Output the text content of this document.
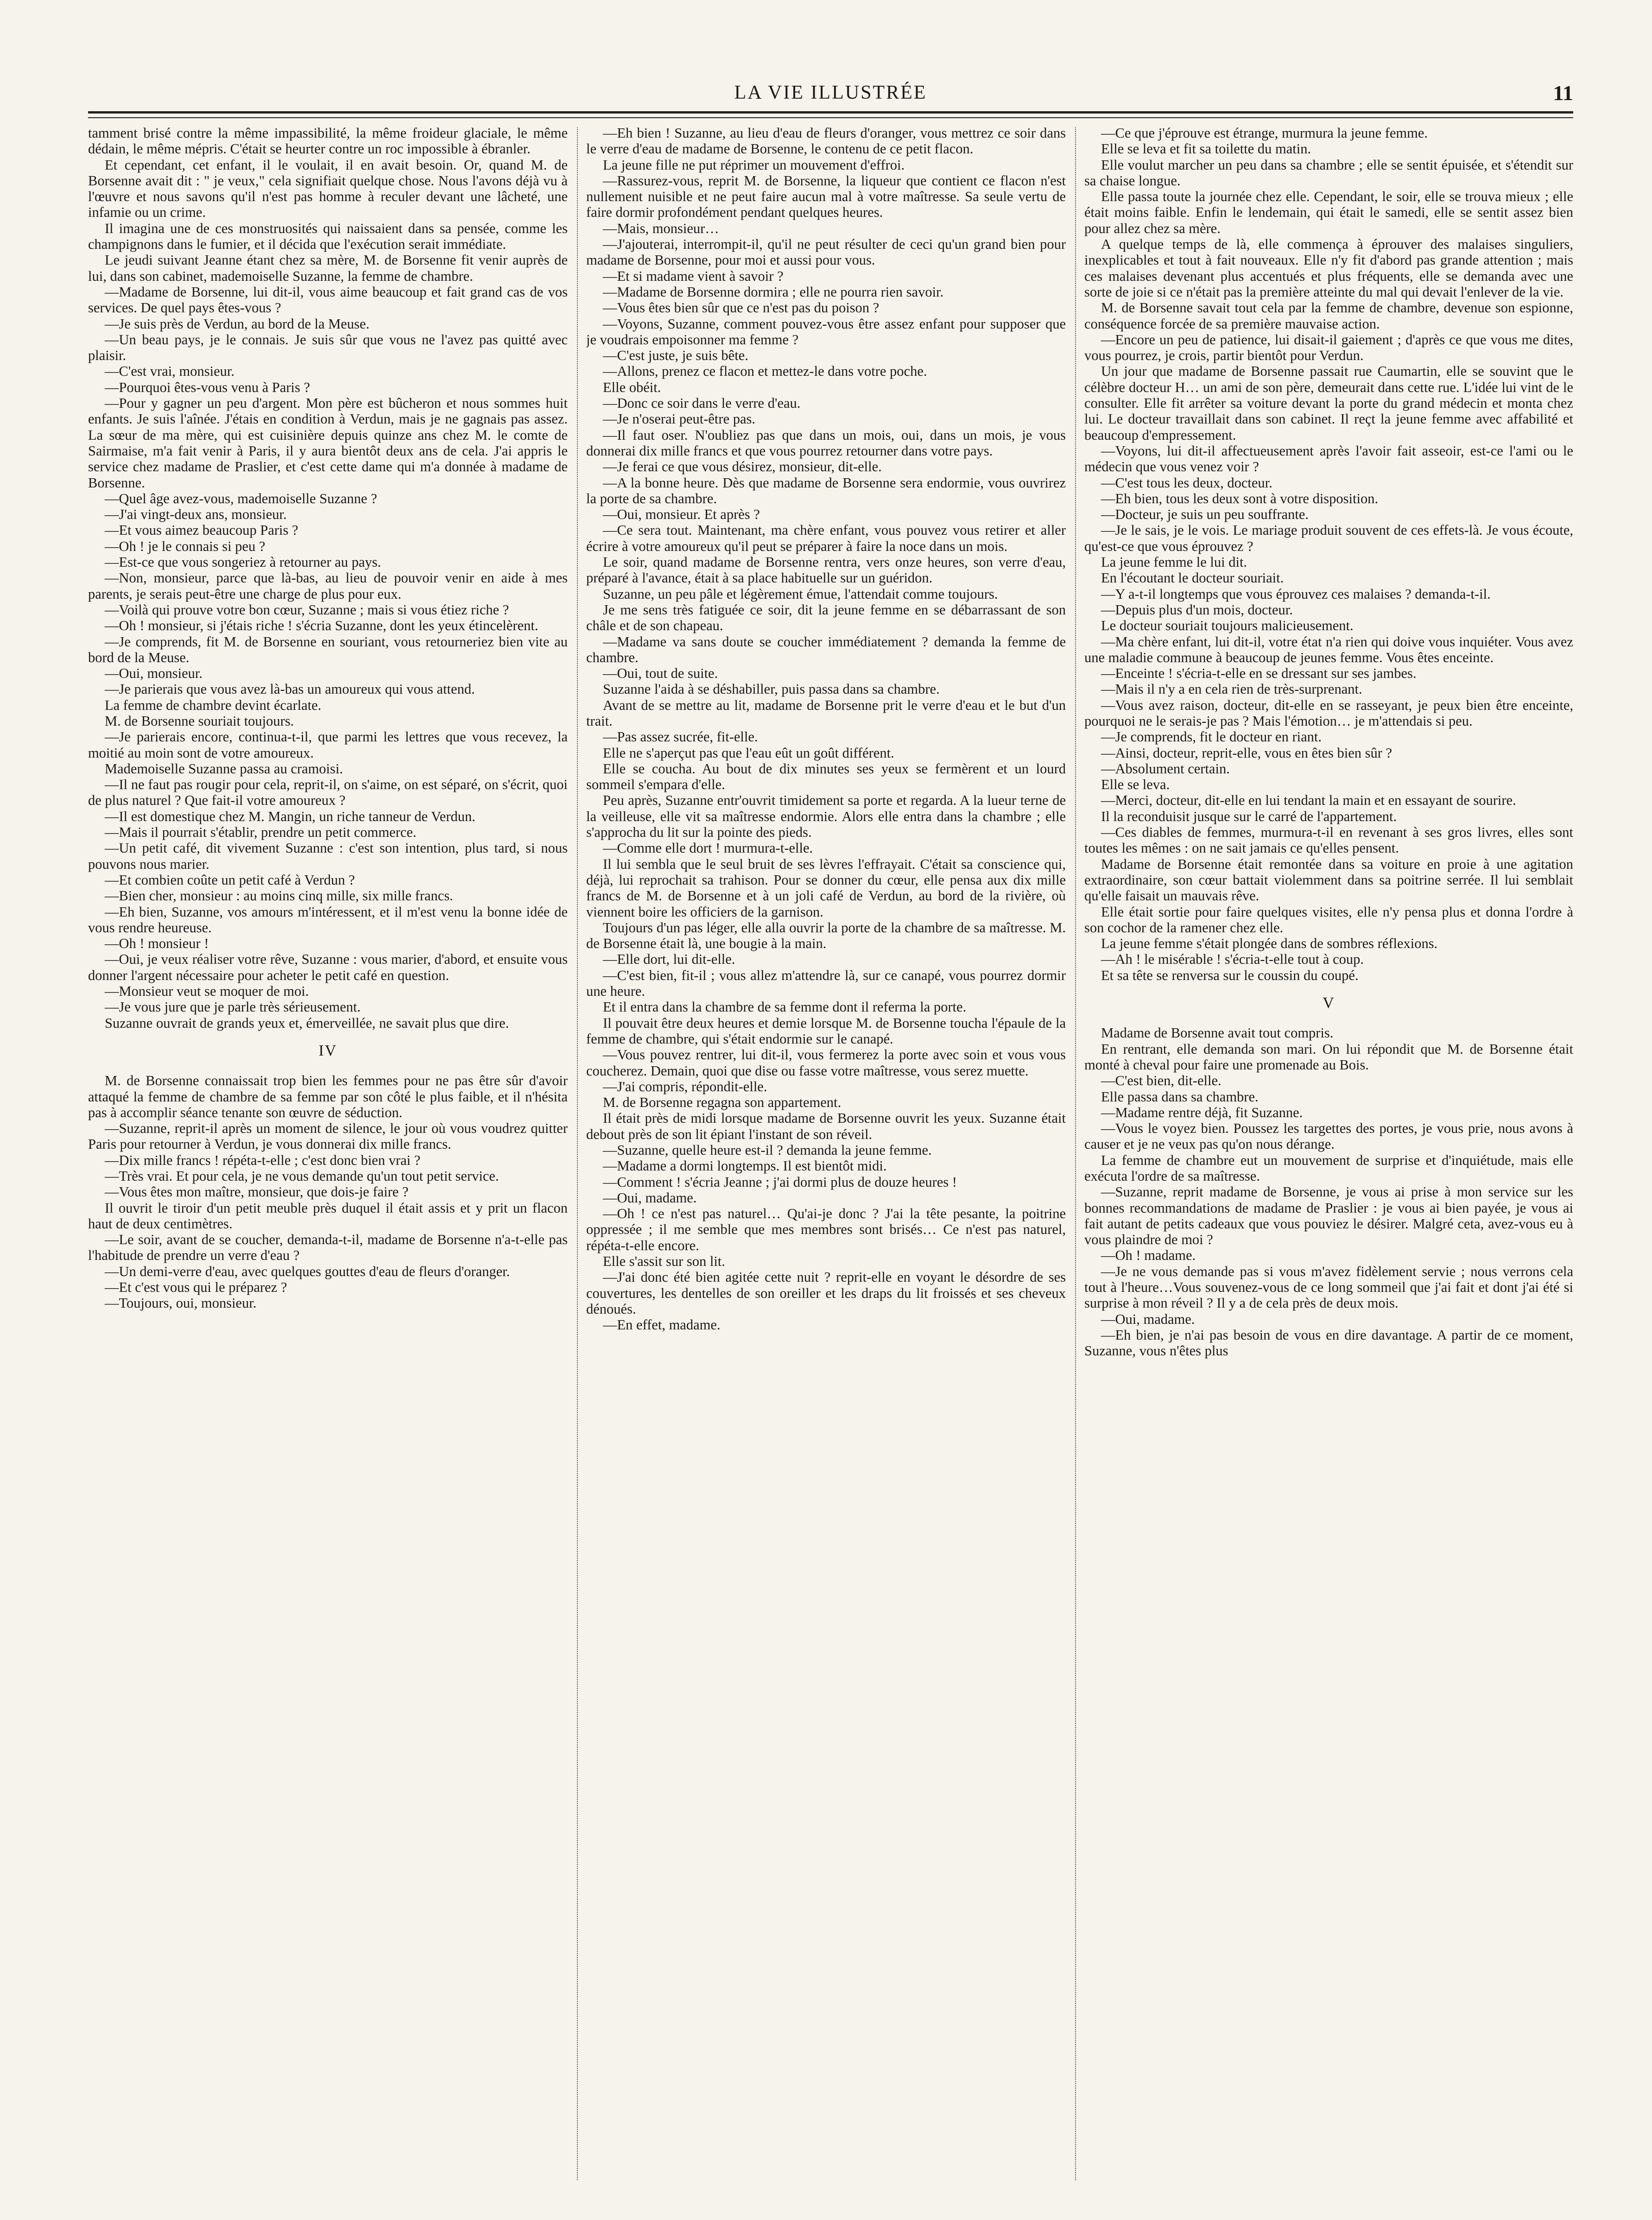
LA VIE ILLUSTRÉE	11

tamment brisé contre la même impassibilité, la même froideur glaciale, le même dédain, le même mépris. C'était se heurter contre un roc impossible à ébranler.

Et cependant, cet enfant, il le voulait, il en avait besoin. Or, quand M. de Borsenne avait dit : " je veux," cela signifiait quelque chose. Nous l'avons déjà vu à l'œuvre et nous savons qu'il n'est pas homme à reculer devant une lâcheté, une infamie ou un crime.

Il imagina une de ces monstruosités qui naissaient dans sa pensée, comme les champignons dans le fumier, et il décida que l'exécution serait immédiate.

Le jeudi suivant Jeanne étant chez sa mère, M. de Borsenne fit venir auprès de lui, dans son cabinet, mademoiselle Suzanne, la femme de chambre.

—Madame de Borsenne, lui dit-il, vous aime beaucoup et fait grand cas de vos services. De quel pays êtes-vous ?

—Je suis près de Verdun, au bord de la Meuse.

—Un beau pays, je le connais. Je suis sûr que vous ne l'avez pas quitté avec plaisir.

—C'est vrai, monsieur.

—Pourquoi êtes-vous venu à Paris ?

—Pour y gagner un peu d'argent. Mon père est bûcheron et nous sommes huit enfants. Je suis l'aînée. J'étais en condition à Verdun, mais je ne gagnais pas assez. La sœur de ma mère, qui est cuisinière depuis quinze ans chez M. le comte de Sairmaise, m'a fait venir à Paris, il y aura bientôt deux ans de cela. J'ai appris le service chez madame de Praslier, et c'est cette dame qui m'a donnée à madame de Borsenne.

—Quel âge avez-vous, mademoiselle Suzanne ?

—J'ai vingt-deux ans, monsieur.

—Et vous aimez beaucoup Paris ?

—Oh ! je le connais si peu ?

—Est-ce que vous songeriez à retourner au pays.

—Non, monsieur, parce que là-bas, au lieu de pouvoir venir en aide à mes parents, je serais peut-être une charge de plus pour eux.

—Voilà qui prouve votre bon cœur, Suzanne ; mais si vous étiez riche ?

—Oh ! monsieur, si j'étais riche ! s'écria Suzanne, dont les yeux étincelèrent.

—Je comprends, fit M. de Borsenne en souriant, vous retourneriez bien vite au bord de la Meuse.

—Oui, monsieur.

—Je parierais que vous avez là-bas un amoureux qui vous attend.

La femme de chambre devint écarlate.

M. de Borsenne souriait toujours.

—Je parierais encore, continua-t-il, que parmi les lettres que vous recevez, la moitié au moin sont de votre amoureux.

Mademoiselle Suzanne passa au cramoisi.

—Il ne faut pas rougir pour cela, reprit-il, on s'aime, on est séparé, on s'écrit, quoi de plus naturel ? Que fait-il votre amoureux ?

—Il est domestique chez M. Mangin, un riche tanneur de Verdun.

—Mais il pourrait s'établir, prendre un petit commerce.

—Un petit café, dit vivement Suzanne : c'est son intention, plus tard, si nous pouvons nous marier.

—Et combien coûte un petit café à Verdun ?

—Bien cher, monsieur : au moins cinq mille, six mille francs.

—Eh bien, Suzanne, vos amours m'intéressent, et il m'est venu la bonne idée de vous rendre heureuse.

—Oh ! monsieur !

—Oui, je veux réaliser votre rêve, Suzanne : vous marier, d'abord, et ensuite vous donner l'argent nécessaire pour acheter le petit café en question.

—Monsieur veut se moquer de moi.

—Je vous jure que je parle très sérieusement.

Suzanne ouvrait de grands yeux et, émerveillée, ne savait plus que dire.

IV

M. de Borsenne connaissait trop bien les femmes pour ne pas être sûr d'avoir attaqué la femme de chambre de sa femme par son côté le plus faible, et il n'hésita pas à accomplir séance tenante son œuvre de séduction.

—Suzanne, reprit-il après un moment de silence, le jour où vous voudrez quitter Paris pour retourner à Verdun, je vous donnerai dix mille francs.

—Dix mille francs ! répéta-t-elle ; c'est donc bien vrai ?

—Très vrai. Et pour cela, je ne vous demande qu'un tout petit service.

—Vous êtes mon maître, monsieur, que dois-je faire ?

Il ouvrit le tiroir d'un petit meuble près duquel il était assis et y prit un flacon haut de deux centimètres.

—Le soir, avant de se coucher, demanda-t-il, madame de Borsenne n'a-t-elle pas l'habitude de prendre un verre d'eau ?

—Un demi-verre d'eau, avec quelques gouttes d'eau de fleurs d'oranger.

—Et c'est vous qui le préparez ?

—Toujours, oui, monsieur.

—Eh bien ! Suzanne, au lieu d'eau de fleurs d'oranger, vous mettrez ce soir dans le verre d'eau de madame de Borsenne, le contenu de ce petit flacon.

La jeune fille ne put réprimer un mouvement d'effroi.

—Rassurez-vous, reprit M. de Borsenne, la liqueur que contient ce flacon n'est nullement nuisible et ne peut faire aucun mal à votre maîtresse. Sa seule vertu de faire dormir profondément pendant quelques heures.

—Mais, monsieur…

—J'ajouterai, interrompit-il, qu'il ne peut résulter de ceci qu'un grand bien pour madame de Borsenne, pour moi et aussi pour vous.

—Et si madame vient à savoir ?

—Madame de Borsenne dormira ; elle ne pourra rien savoir.

—Vous êtes bien sûr que ce n'est pas du poison ?

—Voyons, Suzanne, comment pouvez-vous être assez enfant pour supposer que je voudrais empoisonner ma femme ?

—C'est juste, je suis bête.

—Allons, prenez ce flacon et mettez-le dans votre poche.

Elle obéit.

—Donc ce soir dans le verre d'eau.

—Je n'oserai peut-être pas.

—Il faut oser. N'oubliez pas que dans un mois, oui, dans un mois, je vous donnerai dix mille francs et que vous pourrez retourner dans votre pays.

—Je ferai ce que vous désirez, monsieur, dit-elle.

—A la bonne heure. Dès que madame de Borsenne sera endormie, vous ouvrirez la porte de sa chambre.

—Oui, monsieur. Et après ?

—Ce sera tout. Maintenant, ma chère enfant, vous pouvez vous retirer et aller écrire à votre amoureux qu'il peut se préparer à faire la noce dans un mois.

Le soir, quand madame de Borsenne rentra, vers onze heures, son verre d'eau, préparé à l'avance, était à sa place habituelle sur un guéridon.

Suzanne, un peu pâle et légèrement émue, l'attendait comme toujours.

Je me sens très fatiguée ce soir, dit la jeune femme en se débarrassant de son châle et de son chapeau.

—Madame va sans doute se coucher immédiatement ? demanda la femme de chambre.

—Oui, tout de suite.

Suzanne l'aida à se déshabiller, puis passa dans sa chambre.

Avant de se mettre au lit, madame de Borsenne prit le verre d'eau et le but d'un trait.

—Pas assez sucrée, fit-elle.

Elle ne s'aperçut pas que l'eau eût un goût différent.

Elle se coucha. Au bout de dix minutes ses yeux se fermèrent et un lourd sommeil s'empara d'elle.

Peu après, Suzanne entr'ouvrit timidement sa porte et regarda. A la lueur terne de la veilleuse, elle vit sa maîtresse endormie. Alors elle entra dans la chambre ; elle s'approcha du lit sur la pointe des pieds.

—Comme elle dort ! murmura-t-elle.

Il lui sembla que le seul bruit de ses lèvres l'effrayait. C'était sa conscience qui, déjà, lui reprochait sa trahison. Pour se donner du cœur, elle pensa aux dix mille francs de M. de Borsenne et à un joli café de Verdun, au bord de la rivière, où viennent boire les officiers de la garnison.

Toujours d'un pas léger, elle alla ouvrir la porte de la chambre de sa maîtresse. M. de Borsenne était là, une bougie à la main.

—Elle dort, lui dit-elle.

—C'est bien, fit-il ; vous allez m'attendre là, sur ce canapé, vous pourrez dormir une heure.

Et il entra dans la chambre de sa femme dont il referma la porte.

Il pouvait être deux heures et demie lorsque M. de Borsenne toucha l'épaule de la femme de chambre, qui s'était endormie sur le canapé.

—Vous pouvez rentrer, lui dit-il, vous fermerez la porte avec soin et vous vous coucherez. Demain, quoi que dise ou fasse votre maîtresse, vous serez muette.

—J'ai compris, répondit-elle.

M. de Borsenne regagna son appartement.

Il était près de midi lorsque madame de Borsenne ouvrit les yeux. Suzanne était debout près de son lit épiant l'instant de son réveil.

—Suzanne, quelle heure est-il ? demanda la jeune femme.

—Madame a dormi longtemps. Il est bientôt midi.

—Comment ! s'écria Jeanne ; j'ai dormi plus de douze heures !

—Oui, madame.

—Oh ! ce n'est pas naturel… Qu'ai-je donc ? J'ai la tête pesante, la poitrine oppressée ; il me semble que mes membres sont brisés… Ce n'est pas naturel, répéta-t-elle encore.

Elle s'assit sur son lit.

—J'ai donc été bien agitée cette nuit ? reprit-elle en voyant le désordre de ses couvertures, les dentelles de son oreiller et les draps du lit froissés et ses cheveux dénoués.

—En effet, madame.

—Ce que j'éprouve est étrange, murmura la jeune femme.

Elle se leva et fit sa toilette du matin.

Elle voulut marcher un peu dans sa chambre ; elle se sentit épuisée, et s'étendit sur sa chaise longue.

Elle passa toute la journée chez elle. Cependant, le soir, elle se trouva mieux ; elle était moins faible. Enfin le lendemain, qui était le samedi, elle se sentit assez bien pour allez chez sa mère.

A quelque temps de là, elle commença à éprouver des malaises singuliers, inexplicables et tout à fait nouveaux. Elle n'y fit d'abord pas grande attention ; mais ces malaises devenant plus accentués et plus fréquents, elle se demanda avec une sorte de joie si ce n'était pas la première atteinte du mal qui devait l'enlever de la vie.

M. de Borsenne savait tout cela par la femme de chambre, devenue son espionne, conséquence forcée de sa première mauvaise action.

—Encore un peu de patience, lui disait-il gaiement ; d'après ce que vous me dites, vous pourrez, je crois, partir bientôt pour Verdun.

Un jour que madame de Borsenne passait rue Caumartin, elle se souvint que le célèbre docteur H… un ami de son père, demeurait dans cette rue. L'idée lui vint de le consulter. Elle fit arrêter sa voiture devant la porte du grand médecin et monta chez lui. Le docteur travaillait dans son cabinet. Il reçt la jeune femme avec affabilité et beaucoup d'empressement.

—Voyons, lui dit-il affectueusement après l'avoir fait asseoir, est-ce l'ami ou le médecin que vous venez voir ?

—C'est tous les deux, docteur.

—Eh bien, tous les deux sont à votre disposition.

—Docteur, je suis un peu souffrante.

—Je le sais, je le vois. Le mariage produit souvent de ces effets-là. Je vous écoute, qu'est-ce que vous éprouvez ?

La jeune femme le lui dit.

En l'écoutant le docteur souriait.

—Y a-t-il longtemps que vous éprouvez ces malaises ? demanda-t-il.

—Depuis plus d'un mois, docteur.

Le docteur souriait toujours malicieusement.

—Ma chère enfant, lui dit-il, votre état n'a rien qui doive vous inquiéter. Vous avez une maladie commune à beaucoup de jeunes femme. Vous êtes enceinte.

—Enceinte ! s'écria-t-elle en se dressant sur ses jambes.

—Mais il n'y a en cela rien de très-surprenant.

—Vous avez raison, docteur, dit-elle en se rasseyant, je peux bien être enceinte, pourquoi ne le serais-je pas ? Mais l'émotion… je m'attendais si peu.

—Je comprends, fit le docteur en riant.

—Ainsi, docteur, reprit-elle, vous en êtes bien sûr ?

—Absolument certain.

Elle se leva.

—Merci, docteur, dit-elle en lui tendant la main et en essayant de sourire.

Il la reconduisit jusque sur le carré de l'appartement.

—Ces diables de femmes, murmura-t-il en revenant à ses gros livres, elles sont toutes les mêmes : on ne sait jamais ce qu'elles pensent.

Madame de Borsenne était remontée dans sa voiture en proie à une agitation extraordinaire, son cœur battait violemment dans sa poitrine serrée. Il lui semblait qu'elle faisait un mauvais rêve.

Elle était sortie pour faire quelques visites, elle n'y pensa plus et donna l'ordre à son cochor de la ramener chez elle.

La jeune femme s'était plongée dans de sombres réflexions.

—Ah ! le misérable ! s'écria-t-elle tout à coup.

Et sa tête se renversa sur le coussin du coupé.

V

Madame de Borsenne avait tout compris.

En rentrant, elle demanda son mari. On lui répondit que M. de Borsenne était monté à cheval pour faire une promenade au Bois.

—C'est bien, dit-elle.

Elle passa dans sa chambre.

—Madame rentre déjà, fit Suzanne.

—Vous le voyez bien. Poussez les targettes des portes, je vous prie, nous avons à causer et je ne veux pas qu'on nous dérange.

La femme de chambre eut un mouvement de surprise et d'inquiétude, mais elle exécuta l'ordre de sa maîtresse.

—Suzanne, reprit madame de Borsenne, je vous ai prise à mon service sur les bonnes recommandations de madame de Praslier : je vous ai bien payée, je vous ai fait autant de petits cadeaux que vous pouviez le désirer. Malgré ceta, avez-vous eu à vous plaindre de moi ?

—Oh ! madame.

—Je ne vous demande pas si vous m'avez fidèlement servie ; nous verrons cela tout à l'heure…Vous souvenez-vous de ce long sommeil que j'ai fait et dont j'ai été si surprise à mon réveil ? Il y a de cela près de deux mois.

—Oui, madame.

—Eh bien, je n'ai pas besoin de vous en dire davantage. A partir de ce moment, Suzanne, vous n'êtes plus
